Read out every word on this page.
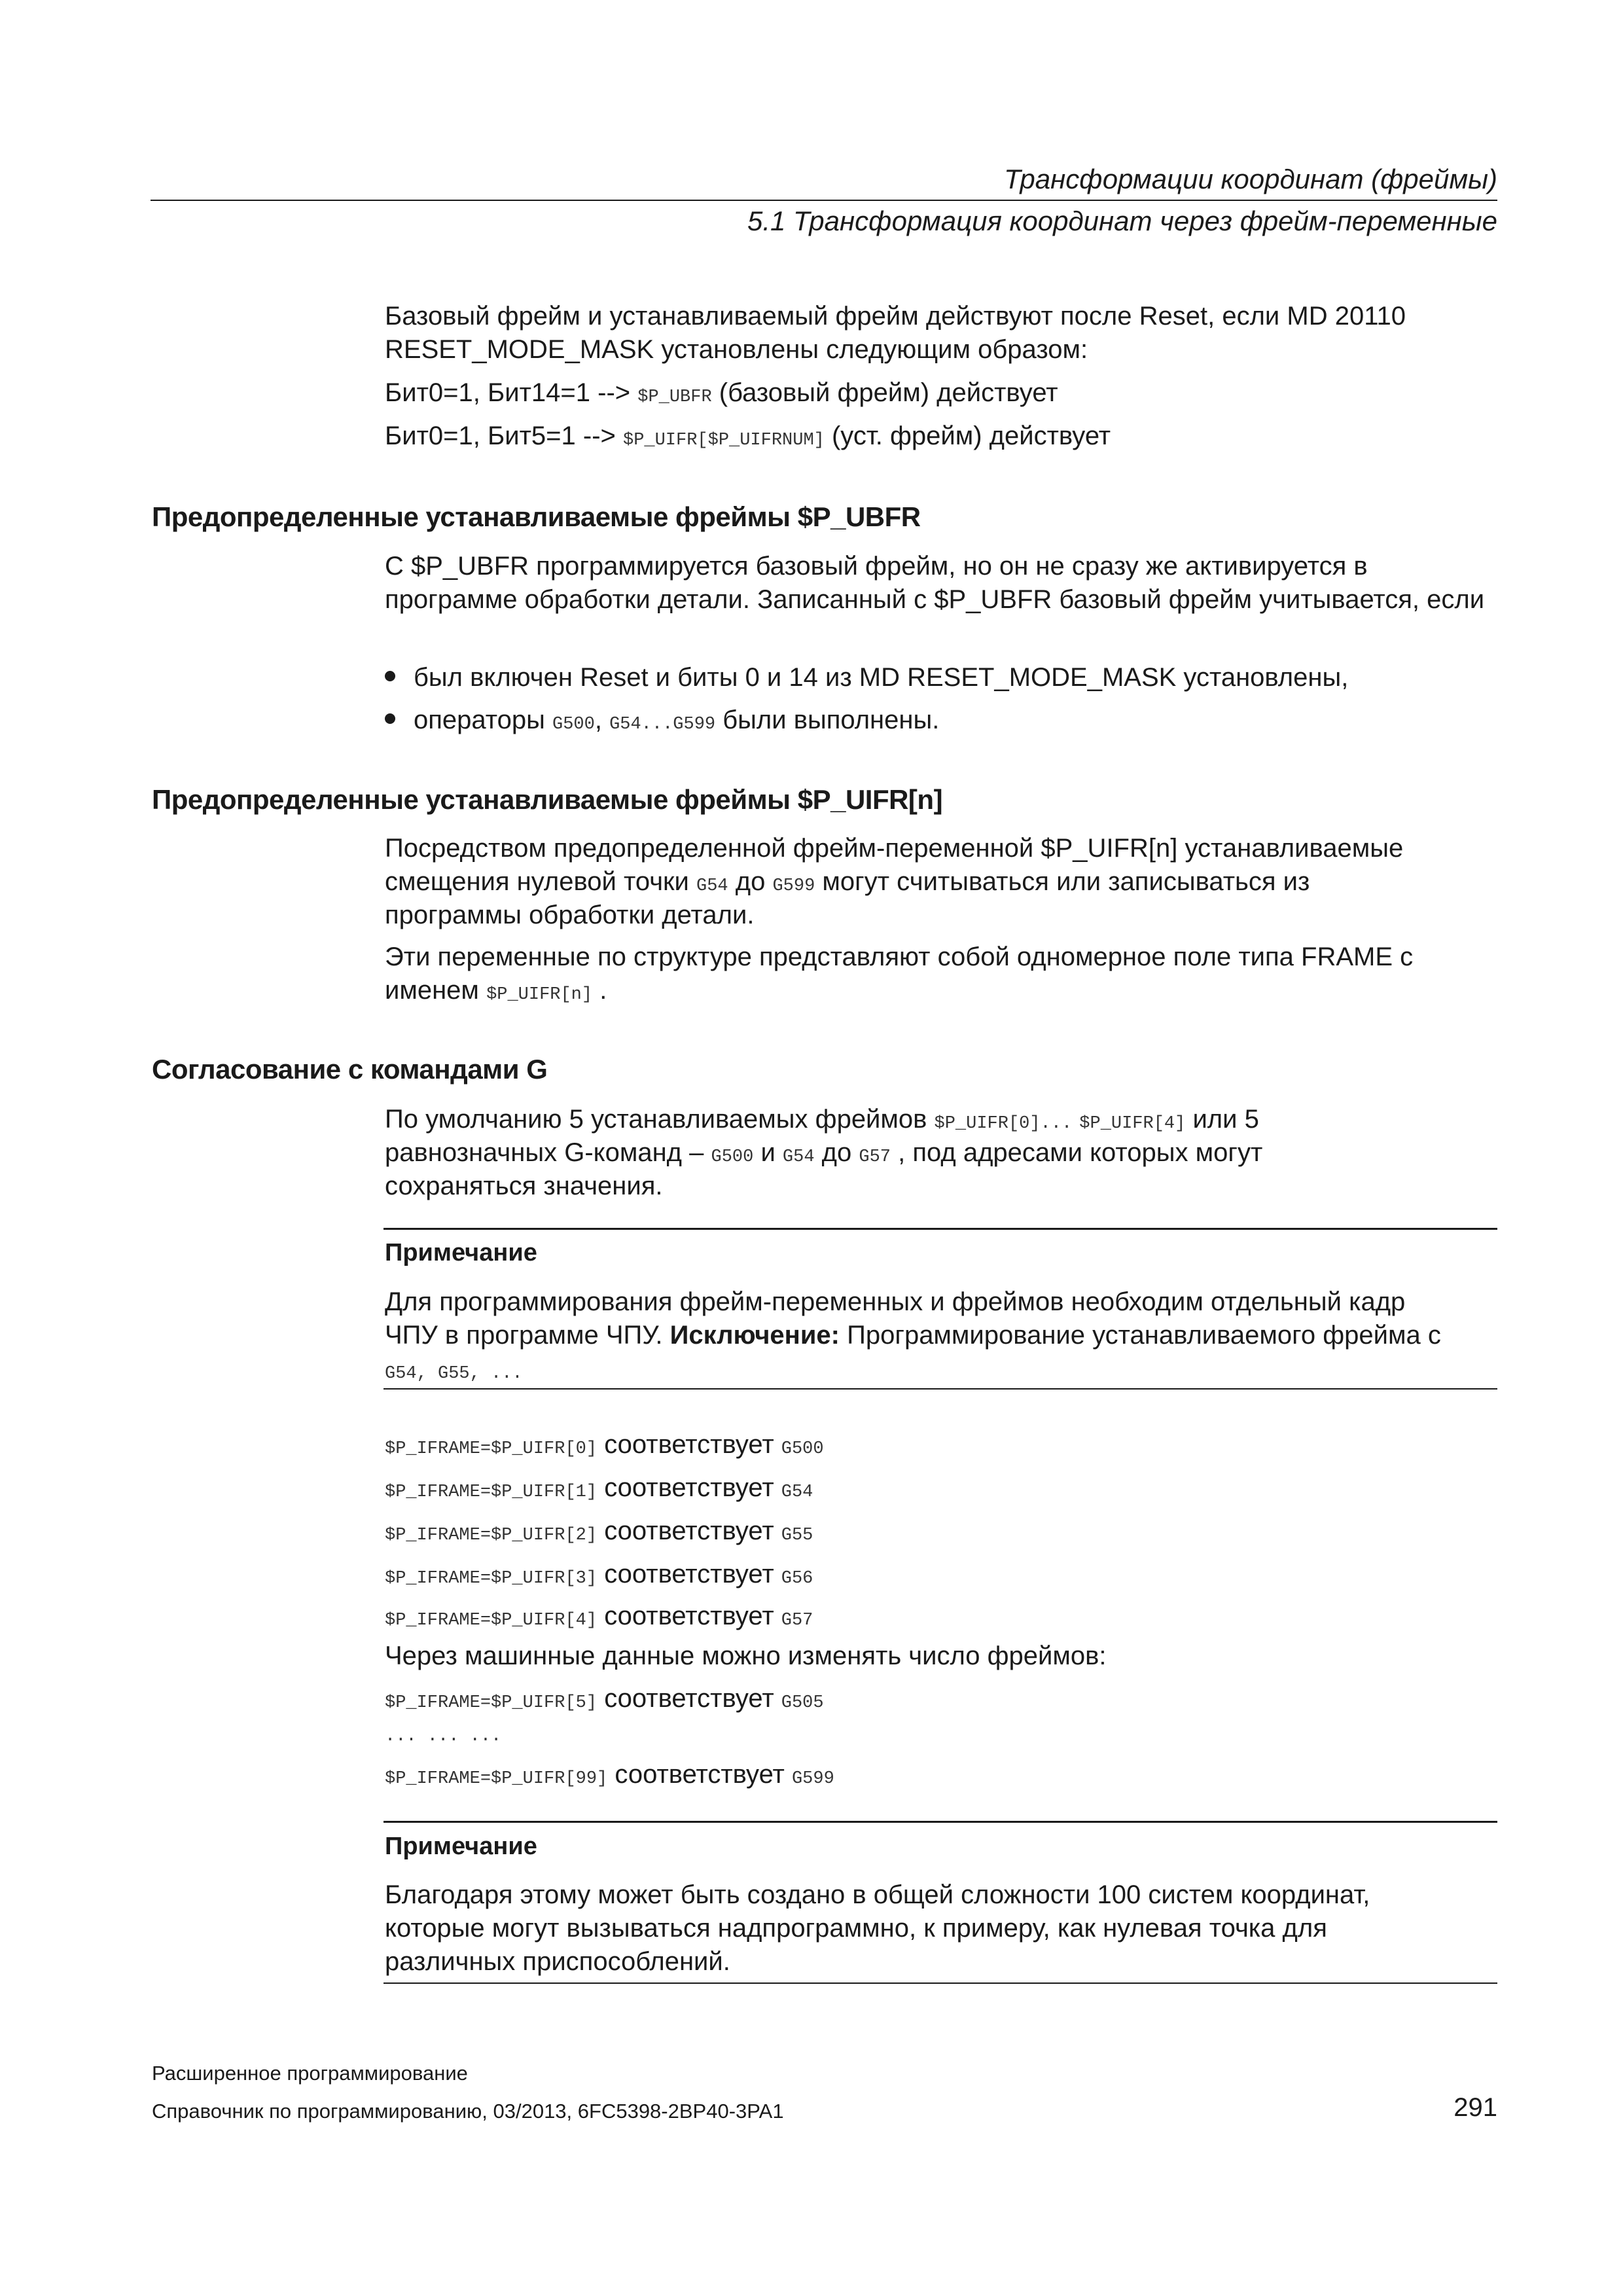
Трансформации координат (фреймы)
5.1 Трансформация координат через фрейм-переменные

Базовый фрейм и устанавливаемый фрейм действуют после Reset, если MD 20110 RESET_MODE_MASK установлены следующим образом:

Бит0=1, Бит14=1 --> $P_UBFR (базовый фрейм) действует
Бит0=1, Бит5=1 --> $P_UIFR[$P_UIFRNUM] (уст. фрейм) действует
Предопределенные устанавливаемые фреймы $P_UBFR

С $P_UBFR программируется базовый фрейм, но он не сразу же активируется в программе обработки детали. Записанный с $P_UBFR базовый фрейм учитывается, если

был включен Reset и биты 0 и 14 из MD RESET_MODE_MASK установлены,
операторы G500, G54...G599 были выполнены.
Предопределенные устанавливаемые фреймы $P_UIFR[n]
Посредством предопределенной фрейм-переменной $P_UIFR[n] устанавливаемые
смещения нулевой точки G54 до G599 могут считываться или записываться из
программы обработки детали.
Эти переменные по структуре представляют собой одномерное поле типа FRAME с
именем $P_UIFR[n] .
Согласование с командами G
По умолчанию 5 устанавливаемых фреймов $P_UIFR[0]... $P_UIFR[4] или 5
равнозначных G-команд – G500 и G54 до G57 , под адресами которых могут
сохраняться значения.
Примечание
Для программирования фрейм-переменных и фреймов необходим отдельный кадр
ЧПУ в программе ЧПУ. Исключение: Программирование устанавливаемого фрейма с
G54, G55, ...
$P_IFRAME=$P_UIFR[0] соответствует G500
$P_IFRAME=$P_UIFR[1] соответствует G54
$P_IFRAME=$P_UIFR[2] соответствует G55
$P_IFRAME=$P_UIFR[3] соответствует G56
$P_IFRAME=$P_UIFR[4] соответствует G57
Через машинные данные можно изменять число фреймов:
$P_IFRAME=$P_UIFR[5] соответствует G505
... ... ...
$P_IFRAME=$P_UIFR[99] соответствует G599
Примечание
Благодаря этому может быть создано в общей сложности 100 систем координат,
которые могут вызываться надпрограммно, к примеру, как нулевая точка для
различных приспособлений.
Расширенное программирование
Справочник по программированию, 03/2013, 6FC5398-2BP40-3PA1	291
